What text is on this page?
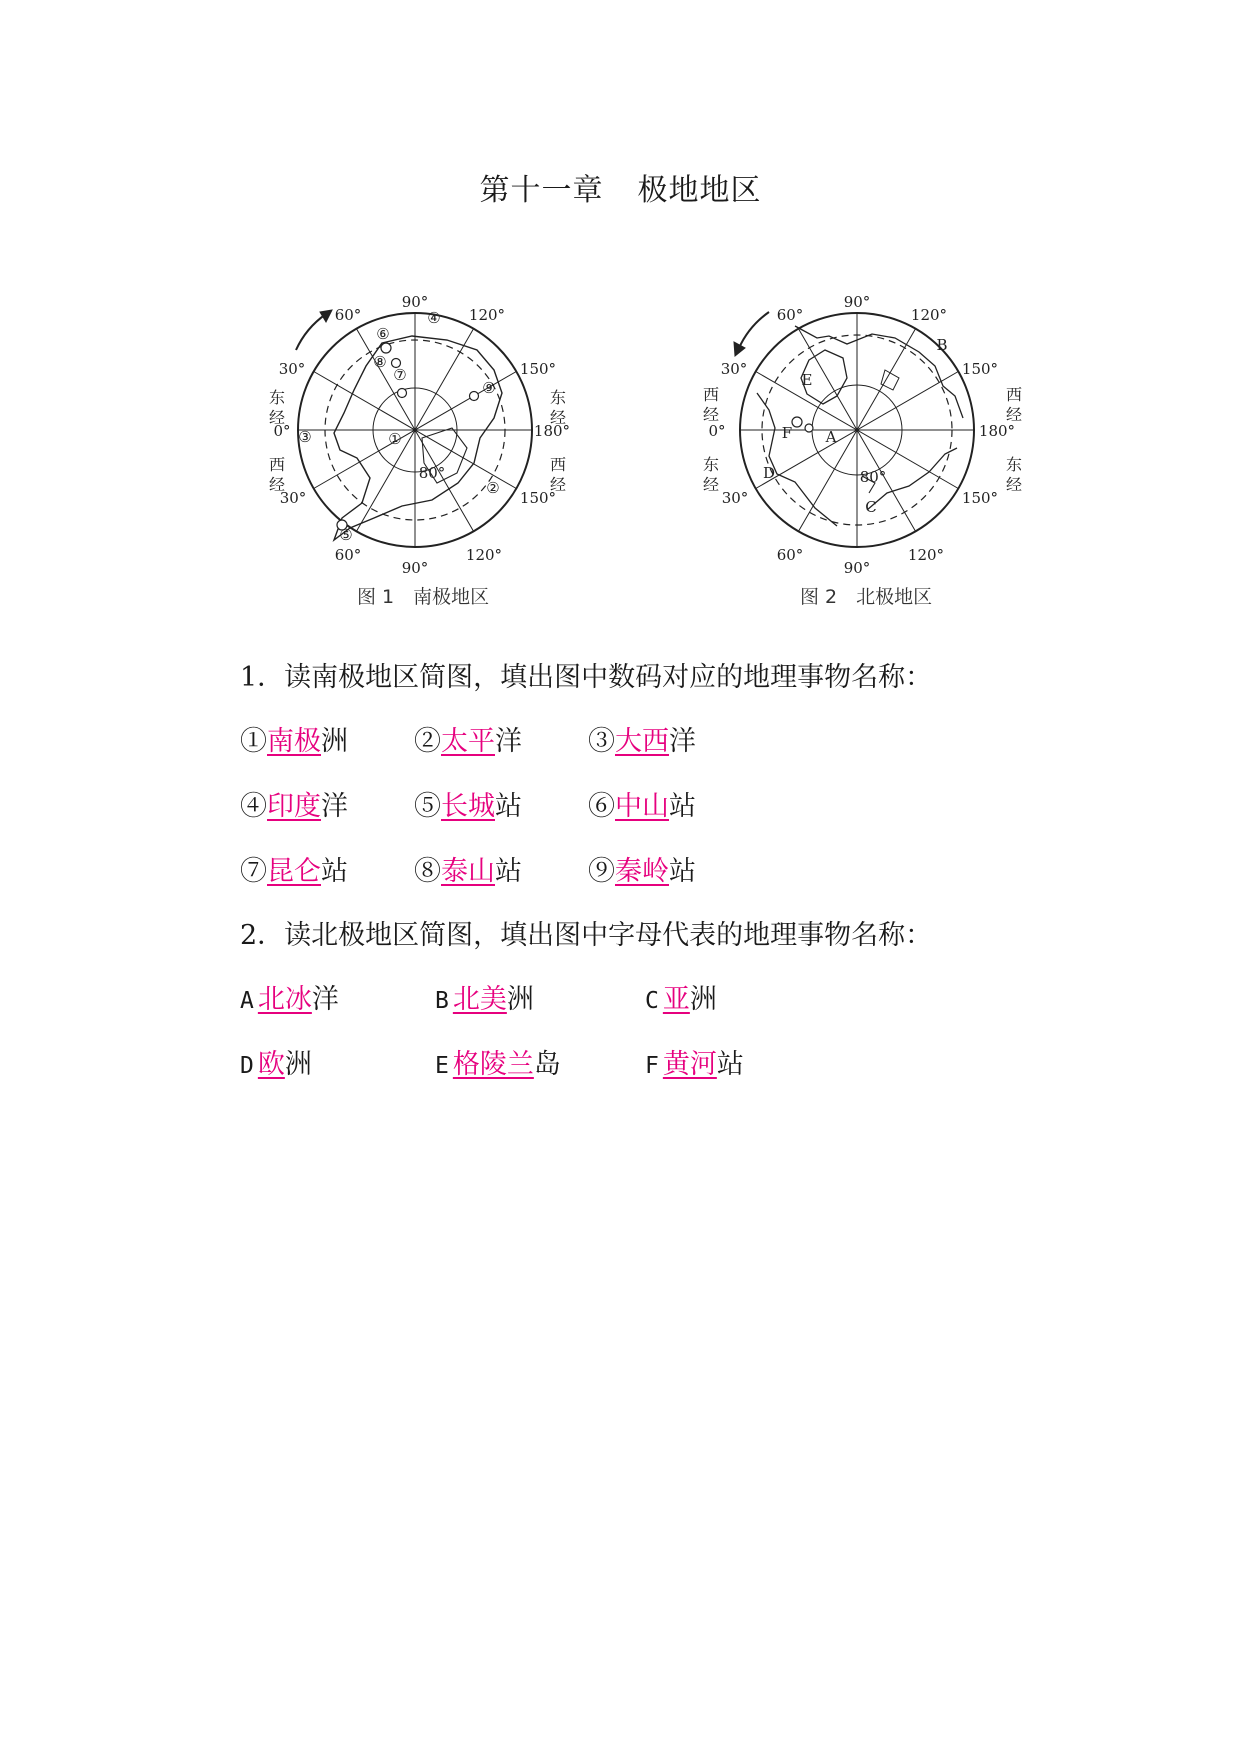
第十一章 极地地区
90°
120°
150°
180°
150°
120°
90°
60°
30°
0°
30°
60°
80°
①
②
③
④
⑤
⑥
⑦
⑧
⑨
东经
西经
东经
西经
图 1　南极地区
90°
120°
150°
180°
150°
120°
90°
60°
30°
0°
30°
60°
80°
A
B
C
D
E
F
西经
东经
西经
东经
图 2　北极地区
1．读南极地区简图，填出图中数码对应的地理事物名称：
①南极洲 ②太平洋 ③大西洋
④印度洋 ⑤长城站 ⑥中山站
⑦昆仑站 ⑧泰山站 ⑨秦岭站
2．读北极地区简图，填出图中字母代表的地理事物名称：
A 北冰洋	B 北美洲	C 亚洲
D 欧洲	E 格陵兰岛	F 黄河站
